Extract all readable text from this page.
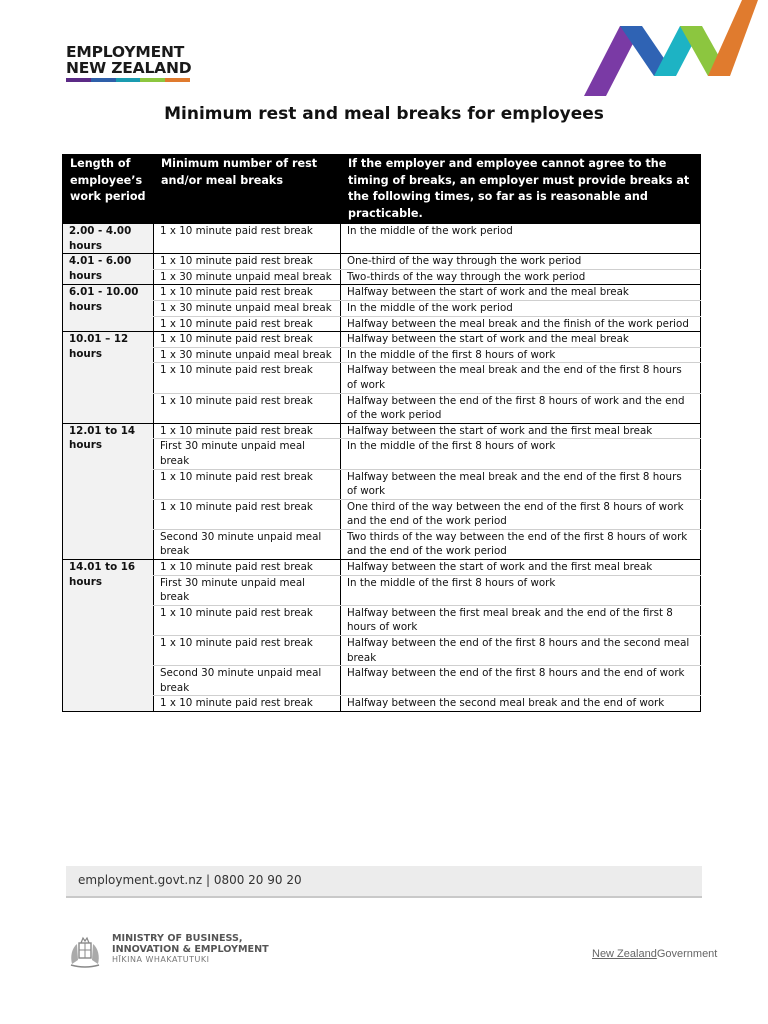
EMPLOYMENT
NEW ZEALAND
Minimum rest and meal breaks for employees
Length of employee’s work period	Minimum number of rest and/or meal breaks	If the employer and employee cannot agree to the timing of breaks, an employer must provide breaks at the following times, so far as is reasonable and practicable.
2.00 - 4.00 hours	1 x 10 minute paid rest break	In the middle of the work period
4.01 - 6.00 hours	1 x 10 minute paid rest break	One-third of the way through the work period
	1 x 30 minute unpaid meal break	Two-thirds of the way through the work period
6.01 - 10.00 hours	1 x 10 minute paid rest break	Halfway between the start of work and the meal break
	1 x 30 minute unpaid meal break	In the middle of the work period
	1 x 10 minute paid rest break	Halfway between the meal break and the finish of the work period
10.01 – 12 hours	1 x 10 minute paid rest break	Halfway between the start of work and the meal break
	1 x 30 minute unpaid meal break	In the middle of the first 8 hours of work
	1 x 10 minute paid rest break	Halfway between the meal break and the end of the first 8 hours of work
	1 x 10 minute paid rest break	Halfway between the end of the first 8 hours of work and the end of the work period
12.01 to 14 hours	1 x 10 minute paid rest break	Halfway between the start of work and the first meal break
	First 30 minute unpaid meal break	In the middle of the first 8 hours of work
	1 x 10 minute paid rest break	Halfway between the meal break and the end of the first 8 hours of work
	1 x 10 minute paid rest break	One third of the way between the end of the first 8 hours of work and the end of the work period
	Second 30 minute unpaid meal break	Two thirds of the way between the end of the first 8 hours of work and the end of the work period
14.01 to 16 hours	1 x 10 minute paid rest break	Halfway between the start of work and the first meal break
	First 30 minute unpaid meal break	In the middle of the first 8 hours of work
	1 x 10 minute paid rest break	Halfway between the first meal break and the end of the first 8 hours of work
	1 x 10 minute paid rest break	Halfway between the end of the first 8 hours and the second meal break
	Second 30 minute unpaid meal break	Halfway between the end of the first 8 hours and the end of work
	1 x 10 minute paid rest break	Halfway between the second meal break and the end of work
employment.govt.nz | 0800 20 90 20
MINISTRY OF BUSINESS,
INNOVATION & EMPLOYMENT
HĪKINA WHAKATUTUKI	New ZealandGovernment
